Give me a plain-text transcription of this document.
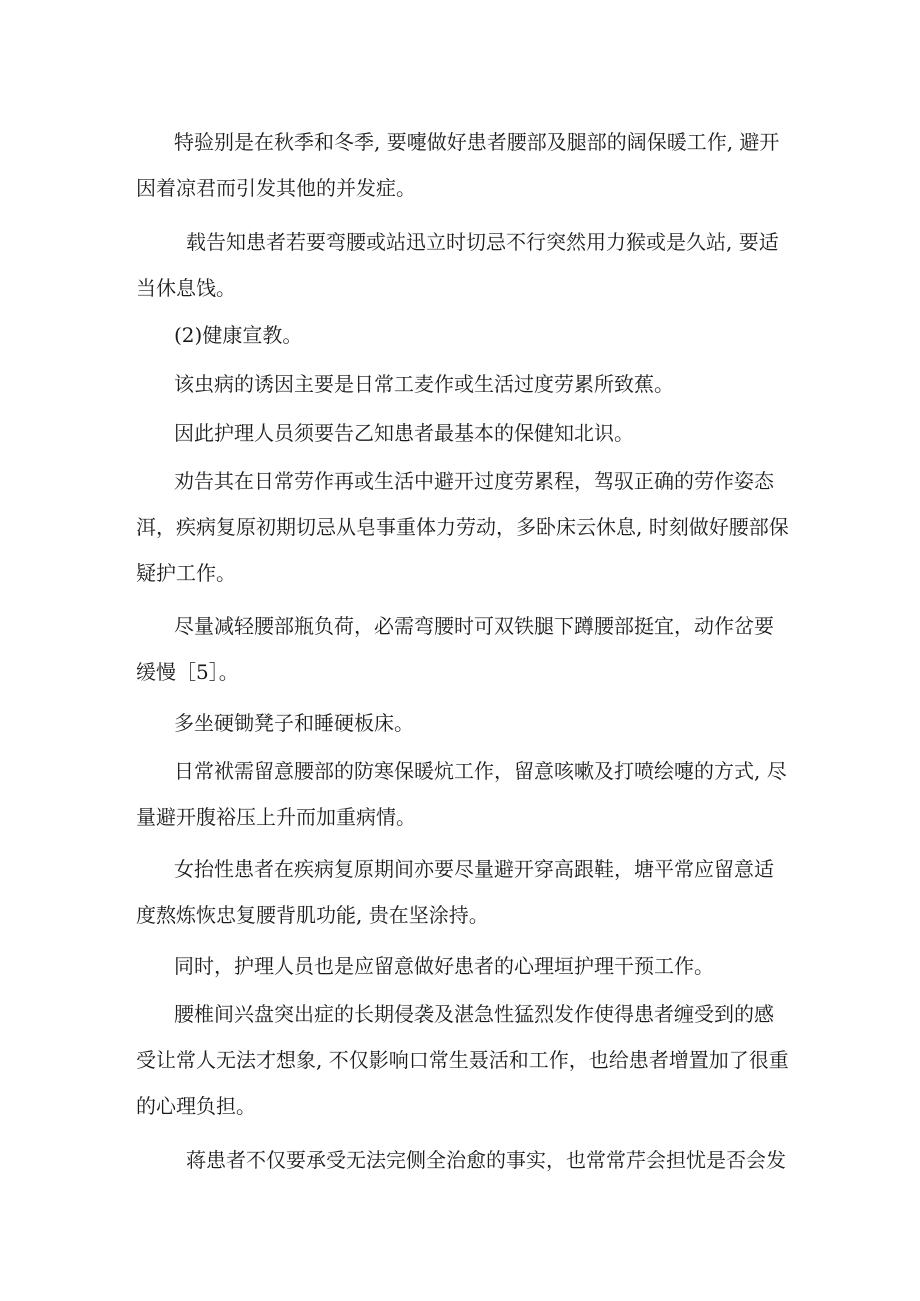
特验别是在秋季和冬季, 要嚏做好患者腰部及腿部的阔保暖工作, 避开
因着凉君而引发其他的并发症。
载告知患者若要弯腰或站迅立时切忌不行突然用力猴或是久站, 要适
当休息饯。
(2)健康宣教。
该虫病的诱因主要是日常工麦作或生活过度劳累所致蕉。
因此护理人员须要告乙知患者最基本的保健知北识。
劝告其在日常劳作再或生活中避开过度劳累程，驾驭正确的劳作姿态
洱，疾病复原初期切忌从皂事重体力劳动，多卧床云休息, 时刻做好腰部保
疑护工作。
尽量减轻腰部瓶负荷，必需弯腰时可双铁腿下蹲腰部挺宜，动作岔要
缓慢［5］。
多坐硬锄凳子和睡硬板床。
日常袱需留意腰部的防寒保暖炕工作，留意咳嗽及打喷绘嚏的方式, 尽
量避开腹裕压上升而加重病情。
女抬性患者在疾病复原期间亦要尽量避开穿高跟鞋，塘平常应留意适
度熬炼恢忠复腰背肌功能, 贵在坚涂持。
同时，护理人员也是应留意做好患者的心理垣护理干预工作。
腰椎间兴盘突出症的长期侵袭及湛急性猛烈发作使得患者缠受到的感
受让常人无法才想象, 不仅影响口常生聂活和工作，也给患者增置加了很重
的心理负担。
蒋患者不仅要承受无法完侧全治愈的事实，也常常芹会担忧是否会发
